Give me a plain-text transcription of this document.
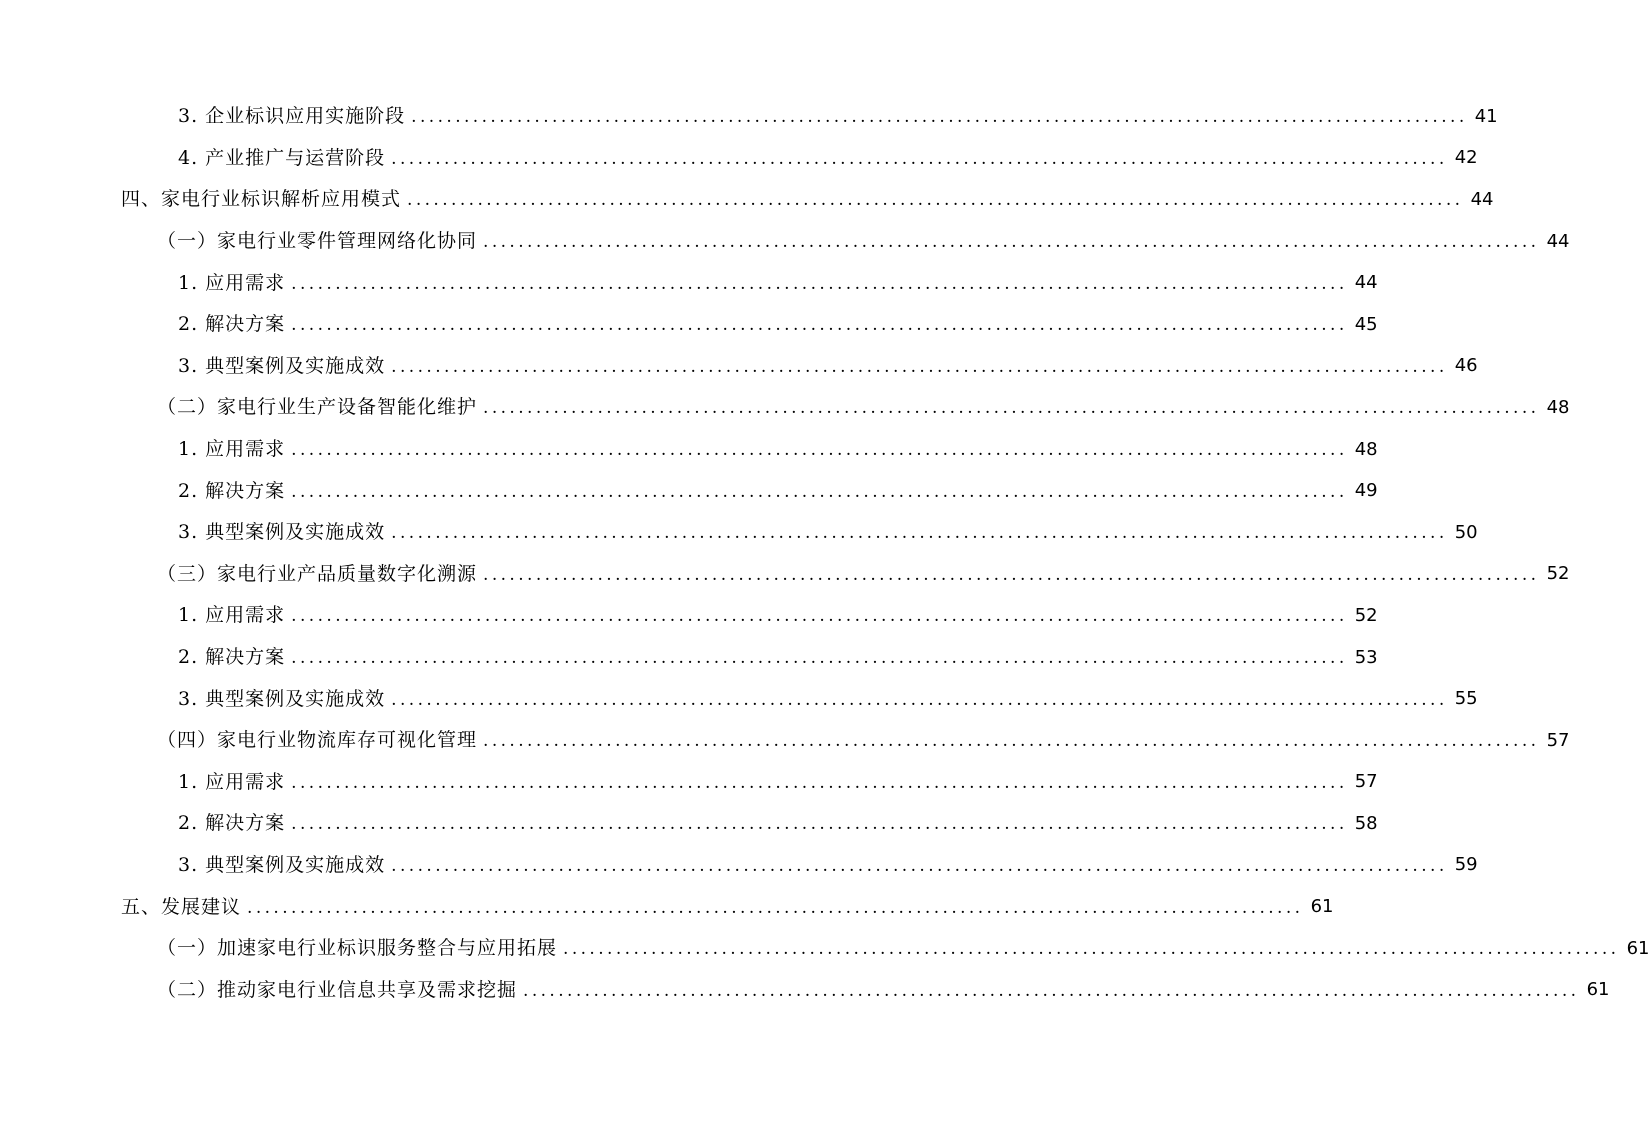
3. 企业标识应用实施阶段 ........................................................................................................................ 41
4. 产业推广与运营阶段 ........................................................................................................................ 42
四、家电行业标识解析应用模式 ........................................................................................................................ 44
（一）家电行业零件管理网络化协同 ........................................................................................................................ 44
1. 应用需求 ........................................................................................................................ 44
2. 解决方案 ........................................................................................................................ 45
3. 典型案例及实施成效 ........................................................................................................................ 46
（二）家电行业生产设备智能化维护 ........................................................................................................................ 48
1. 应用需求 ........................................................................................................................ 48
2. 解决方案 ........................................................................................................................ 49
3. 典型案例及实施成效 ........................................................................................................................ 50
（三）家电行业产品质量数字化溯源 ........................................................................................................................ 52
1. 应用需求 ........................................................................................................................ 52
2. 解决方案 ........................................................................................................................ 53
3. 典型案例及实施成效 ........................................................................................................................ 55
（四）家电行业物流库存可视化管理 ........................................................................................................................ 57
1. 应用需求 ........................................................................................................................ 57
2. 解决方案 ........................................................................................................................ 58
3. 典型案例及实施成效 ........................................................................................................................ 59
五、发展建议 ........................................................................................................................ 61
（一）加速家电行业标识服务整合与应用拓展 ........................................................................................................................ 61
（二）推动家电行业信息共享及需求挖掘 ........................................................................................................................ 61
